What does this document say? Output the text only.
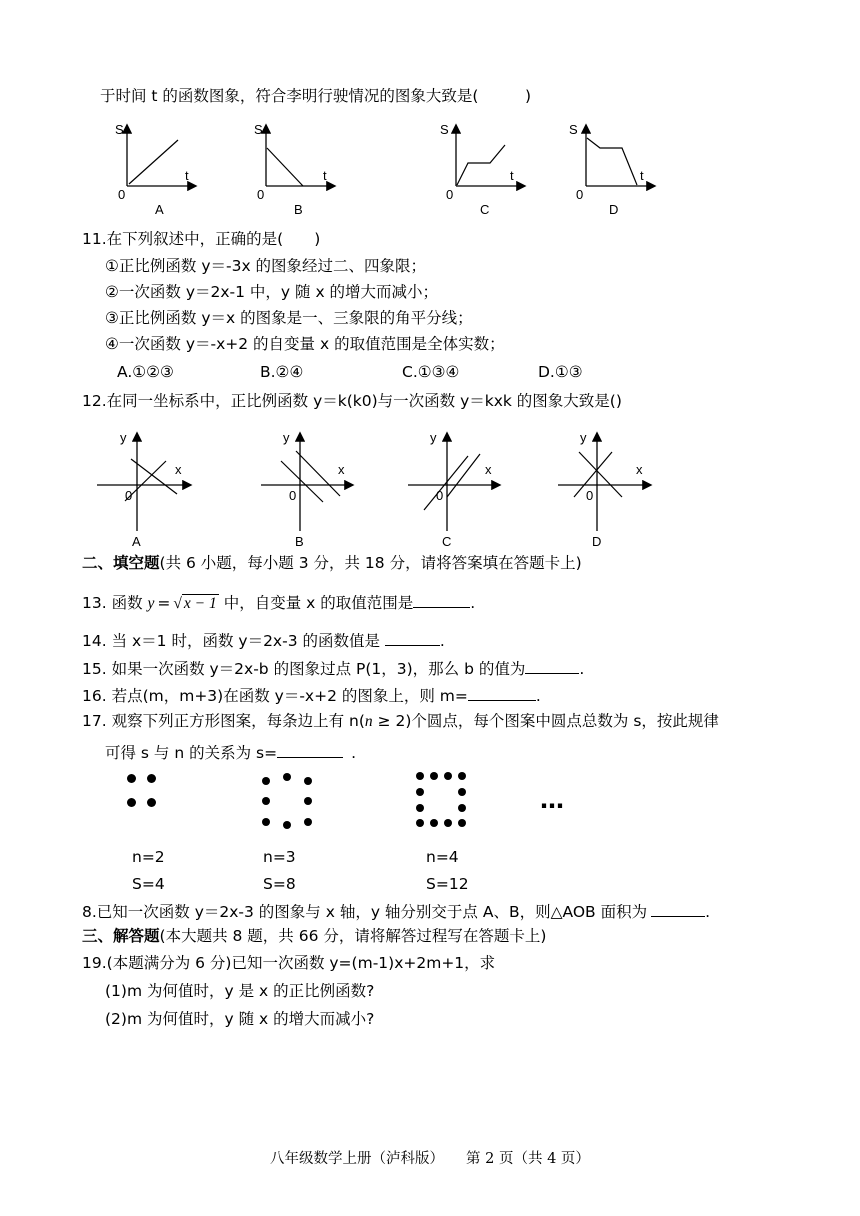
于时间 t 的函数图象，符合李明行驶情况的图象大致是(　　　)
S
t
0
A
S
t
0
B
S
t
0
C
S
t
0
D
11.在下列叙述中，正确的是(　　)
①正比例函数 y＝-3x 的图象经过二、四象限；
②一次函数 y＝2x-1 中，y 随 x 的增大而减小；
③正比例函数 y＝x 的图象是一、三象限的角平分线；
④一次函数 y＝-x+2 的自变量 x 的取值范围是全体实数；
A.①②③	B.②④	C.①③④	D.①③
12.在同一坐标系中，正比例函数 y＝k(k0)与一次函数 y＝kxk 的图象大致是()
y
x
0
A
y
x
0
B
y
x
0
C
y
x
0
D
二、填空题(共 6 小题，每小题 3 分，共 18 分，请将答案填在答题卡上)
13. 函数 y = √ x − 1 中，自变量 x 的取值范围是	.
14. 当 x＝1 时，函数 y＝2x-3 的函数值是	.
15. 如果一次函数 y＝2x-b 的图象过点 P(1，3)，那么 b 的值为	.
16. 若点(m，m+3)在函数 y＝-x+2 的图象上，则 m=	.
17. 观察下列正方形图案，每条边上有 n(n ≥ 2)个圆点，每个图案中圆点总数为 s，按此规律
可得 s 与 n 的关系为 s=	.
…
n=2	n=3	n=4
S=4	S=8	S=12
8.已知一次函数 y＝2x-3 的图象与 x 轴，y 轴分别交于点 A、B，则△AOB 面积为	.
三、解答题(本大题共 8 题，共 66 分，请将解答过程写在答题卡上)
19.(本题满分为 6 分)已知一次函数 y=(m-1)x+2m+1，求
(1)m 为何值时，y 是 x 的正比例函数?
(2)m 为何值时，y 随 x 的增大而减小?
八年级数学上册（泸科版） 第 2 页（共 4 页）
